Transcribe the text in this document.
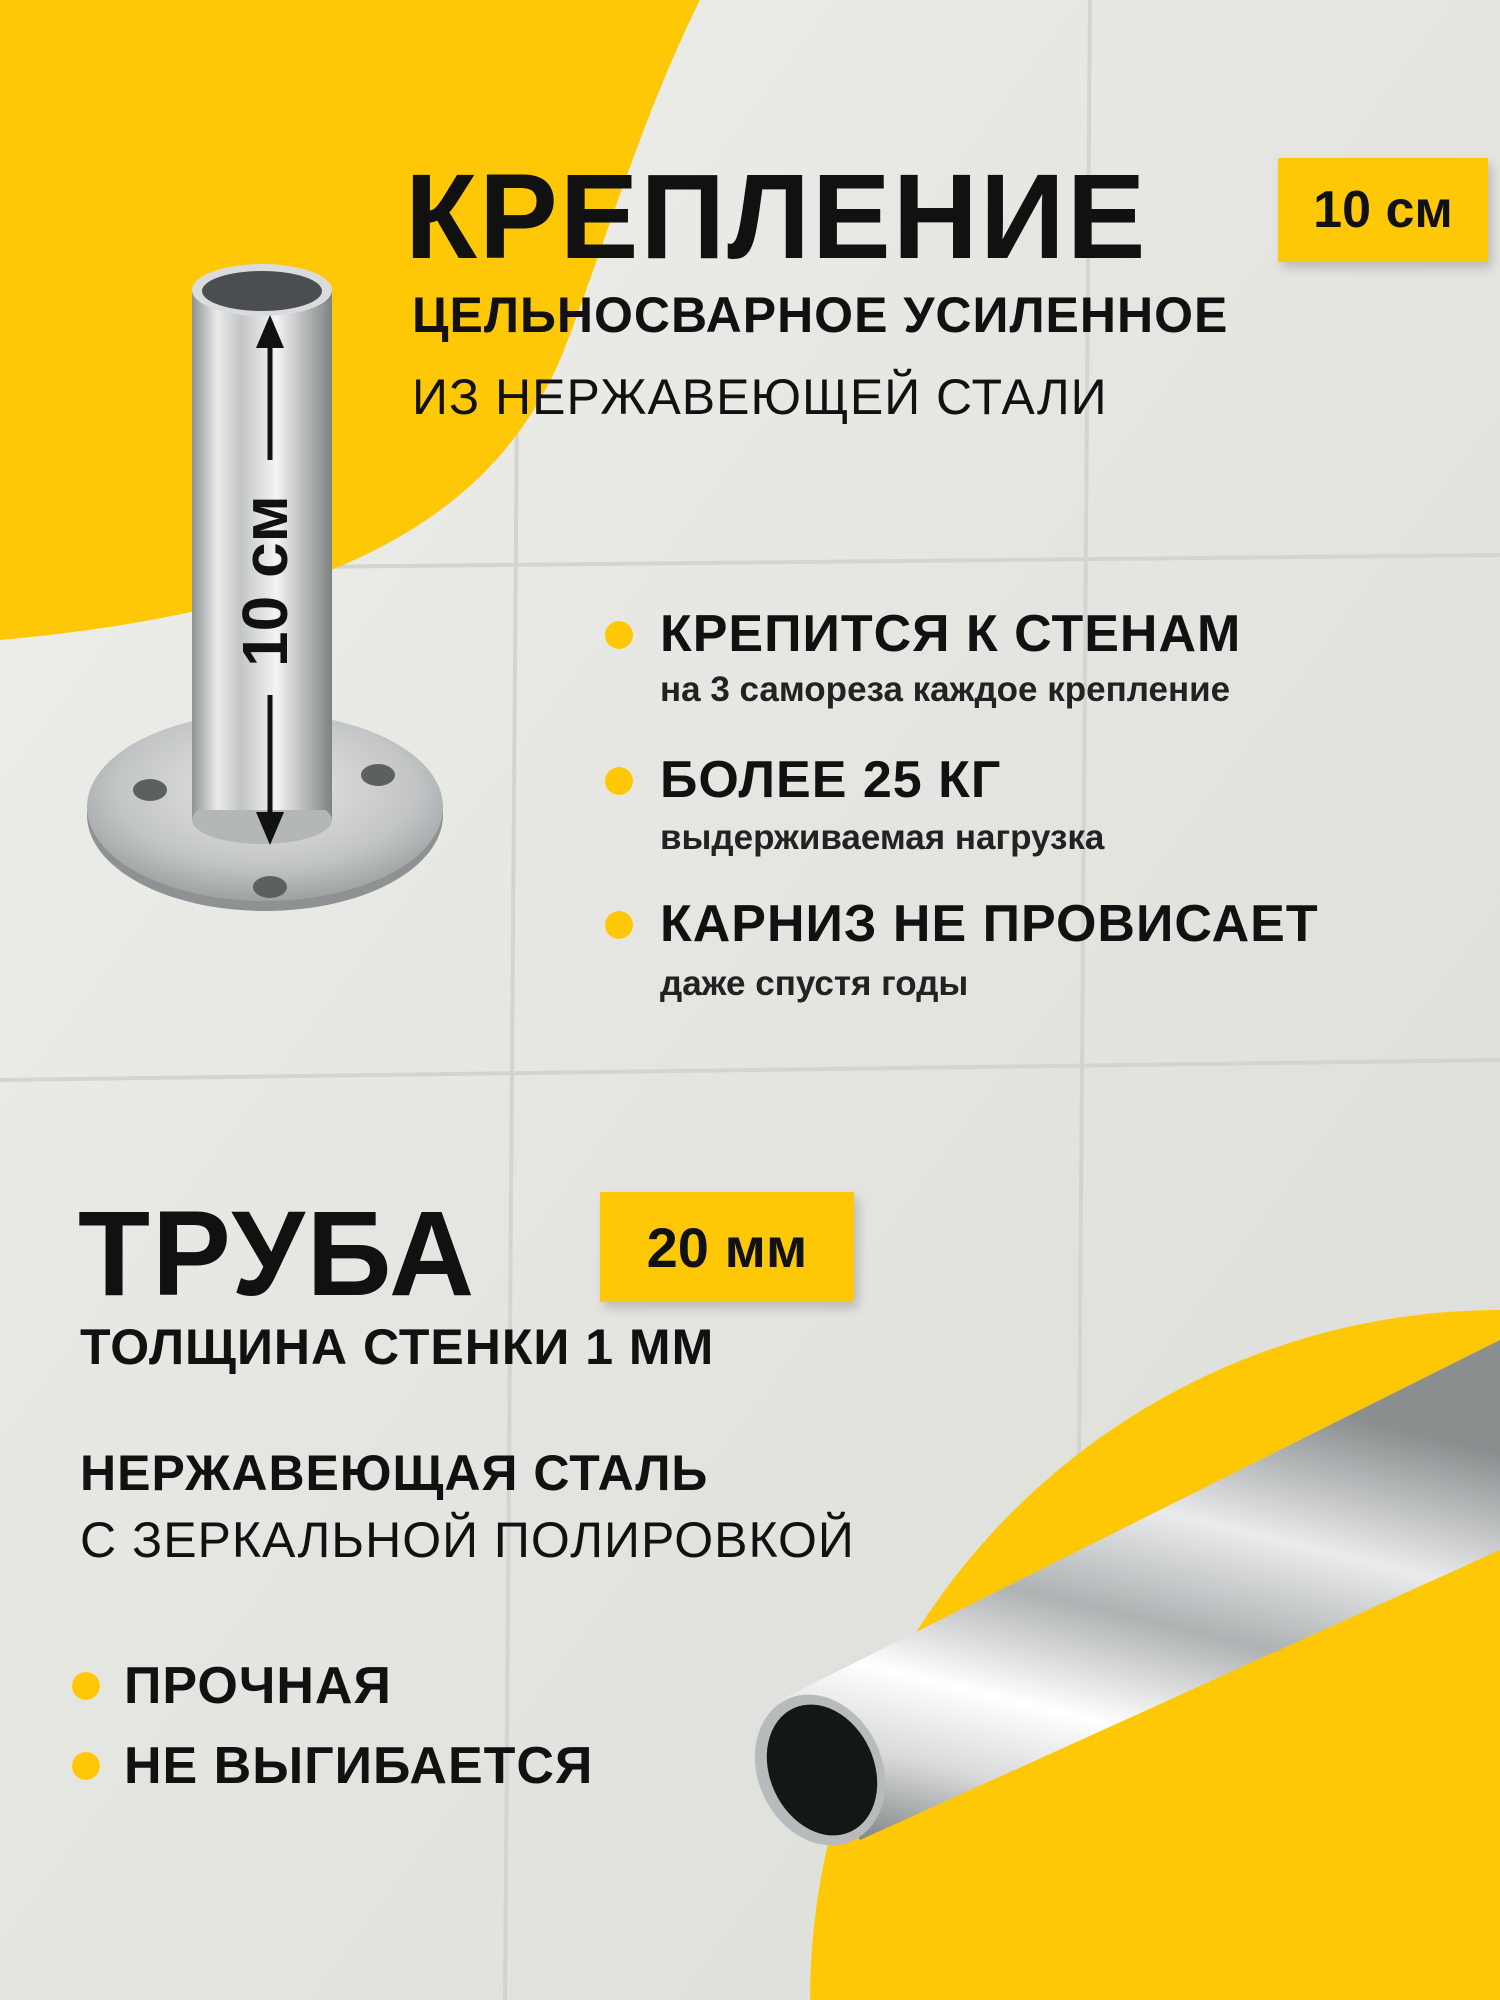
10 см
КРЕПЛЕНИЕ	10 см
ЦЕЛЬНОСВАРНОЕ УСИЛЕННОЕ
ИЗ НЕРЖАВЕЮЩЕЙ СТАЛИ
КРЕПИТСЯ К СТЕНАМ
на 3 самореза каждое крепление
БОЛЕЕ 25 КГ
выдерживаемая нагрузка
КАРНИЗ НЕ ПРОВИСАЕТ
даже спустя годы
ТРУБА	20 мм
ТОЛЩИНА СТЕНКИ 1 ММ
НЕРЖАВЕЮЩАЯ СТАЛЬ
С ЗЕРКАЛЬНОЙ ПОЛИРОВКОЙ
ПРОЧНАЯ
НЕ ВЫГИБАЕТСЯ
